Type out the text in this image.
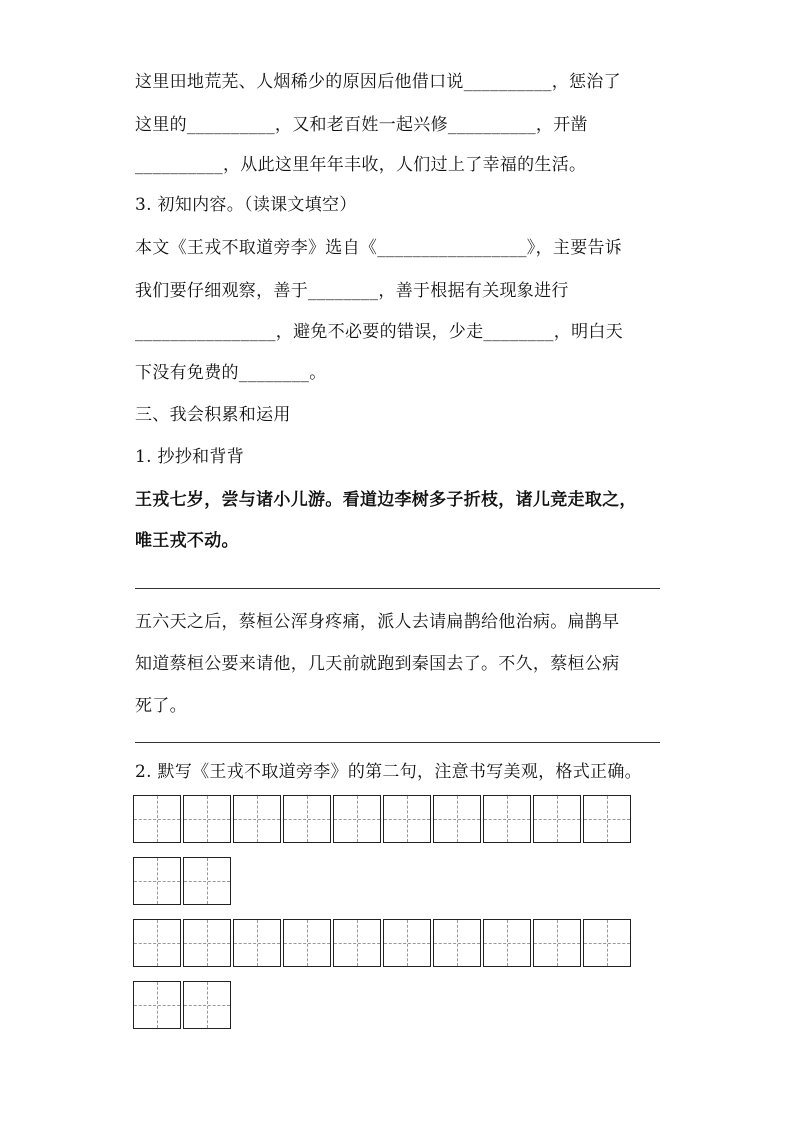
这里田地荒芜、人烟稀少的原因后他借口说__________，惩治了
这里的__________，又和老百姓一起兴修__________，开凿
__________，从此这里年年丰收，人们过上了幸福的生活。
3. 初知内容。（读课文填空）
本文《王戎不取道旁李》选自《_________________》，主要告诉
我们要仔细观察，善于________，善于根据有关现象进行
________________，避免不必要的错误，少走________，明白天
下没有免费的________。
三、我会积累和运用
1. 抄抄和背背
王戎七岁，尝与诸小儿游。看道边李树多子折枝，诸儿竞走取之，
唯王戎不动。
五六天之后，蔡桓公浑身疼痛，派人去请扁鹊给他治病。扁鹊早
知道蔡桓公要来请他，几天前就跑到秦国去了。不久，蔡桓公病
死了。
2. 默写《王戎不取道旁李》的第二句，注意书写美观，格式正确。
